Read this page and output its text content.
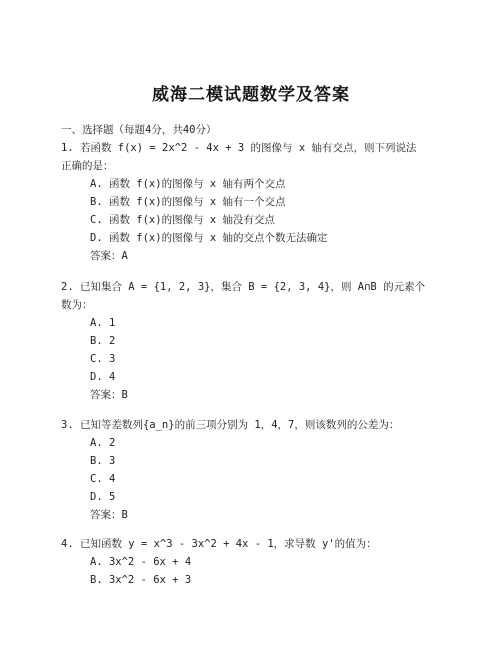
威海二模试题数学及答案
一、选择题（每题4分，共40分）
1. 若函数 f(x) = 2x^2 - 4x + 3 的图像与 x 轴有交点，则下列说法
正确的是：
A. 函数 f(x)的图像与 x 轴有两个交点
B. 函数 f(x)的图像与 x 轴有一个交点
C. 函数 f(x)的图像与 x 轴没有交点
D. 函数 f(x)的图像与 x 轴的交点个数无法确定
答案：A
2. 已知集合 A = {1, 2, 3}，集合 B = {2, 3, 4}，则 A∩B 的元素个
数为：
A. 1
B. 2
C. 3
D. 4
答案：B
3. 已知等差数列{a_n}的前三项分别为 1，4，7，则该数列的公差为：
A. 2
B. 3
C. 4
D. 5
答案：B
4. 已知函数 y = x^3 - 3x^2 + 4x - 1，求导数 y'的值为：
A. 3x^2 - 6x + 4
B. 3x^2 - 6x + 3
